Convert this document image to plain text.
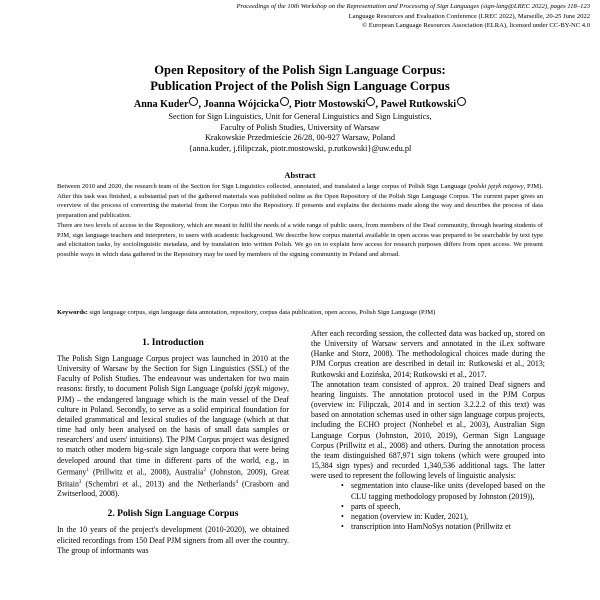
Proceedings of the 10th Workshop on the Representation and Processing of Sign Languages (sign-lang@LREC 2022), pages 118–123
Language Resources and Evaluation Conference (LREC 2022), Marseille, 20-25 June 2022
© European Language Resources Association (ELRA), licensed under CC-BY-NC 4.0
Open Repository of the Polish Sign Language Corpus:
Publication Project of the Polish Sign Language Corpus
Anna Kuder , Joanna Wójcicka , Piotr Mostowski , Paweł Rutkowski
Section for Sign Linguistics, Unit for General Linguistics and Sign Linguistics,
Faculty of Polish Studies, University of Warsaw
Krakowskie Przedmieście 26/28, 00-927 Warsaw, Poland
{anna.kuder, j.filipczak, piotr.mostowski, p.rutkowski}@uw.edu.pl
Abstract

Between 2010 and 2020, the research team of the Section for Sign Linguistics collected, annotated, and translated a large corpus of Polish Sign Language (polski język migowy, PJM). After this task was finished, a substantial part of the gathered materials was published online as the Open Repository of the Polish Sign Language Corpus. The current paper gives an overview of the process of converting the material from the Corpus into the Repository. If presents and explains the decisions made along the way and describes the process of data preparation and publication.

There are two levels of access to the Repository, which are meant to fulfil the needs of a wide range of public users, from members of the Deaf community, through hearing students of PJM, sign language teachers and interpreters, to users with academic background. We describe how corpus material available in open access was prepared to be searchable by text type and elicitation tasks, by sociolinguistic metadata, and by translation into written Polish. We go on to explain how access for research purposes differs from open access. We present possible ways in which data gathered in the Repository may be used by members of the signing community in Poland and abroad.

Keywords: sign language corpus, sign language data annotation, repository, corpus data publication, open access, Polish Sign Language (PJM)
1. Introduction

The Polish Sign Language Corpus project was launched in 2010 at the University of Warsaw by the Section for Sign Linguistics (SSL) of the Faculty of Polish Studies. The endeavour was undertaken for two main reasons: firstly, to document Polish Sign Language (polski język migowy, PJM) – the endangered language which is the main vessel of the Deaf culture in Poland. Secondly, to serve as a solid empirical foundation for detailed grammatical and lexical studies of the language (which at that time had only been analysed on the basis of small data samples or researchers' and users' intuitions). The PJM Corpus project was designed to match other modern big-scale sign language corpora that were being developed around that time in different parts of the world, e.g., in Germany$^1$ (Prillwitz et al., 2008), Australia$^2$ (Johnston, 2009), Great Britain$^3$ (Schembri et al., 2013) and the Netherlands$^4$ (Crasborn and Zwitserlood, 2008).

2. Polish Sign Language Corpus

In the 10 years of the project's development (2010-2020), we obtained elicited recordings from 150 Deaf PJM signers from all over the country. The group of informants was

After each recording session, the collected data was backed up, stored on the University of Warsaw servers and annotated in the iLex software (Hanke and Storz, 2008). The methodological choices made during the PJM Corpus creation are described in detail in: Rutkowski et al., 2013; Rutkowski and Łozińska, 2014; Rutkowski et al., 2017.

The annotation team consisted of approx. 20 trained Deaf signers and hearing linguists. The annotation protocol used in the PJM Corpus (overview in: Filipczak, 2014 and in section 3.2.2.2 of this text) was based on annotation schemas used in other sign language corpus projects, including the ECHO project (Nonhebel et al., 2003), Australian Sign Language Corpus (Johnston, 2010, 2019), German Sign Language Corpus (Prillwitz et al., 2008) and others. During the annotation process the team distinguished 687,971 sign tokens (which were grouped into 15,384 sign types) and recorded 1,340,536 additional tags. The latter were used to represent the following levels of linguistic analysis:

• segmentation into clause-like units (developed based on the CLU tagging methodology proposed by Johnston (2019)),
• parts of speech,
• negation (overview in: Kuder, 2021),
• transcription into HamNoSys notation (Prillwitz et
